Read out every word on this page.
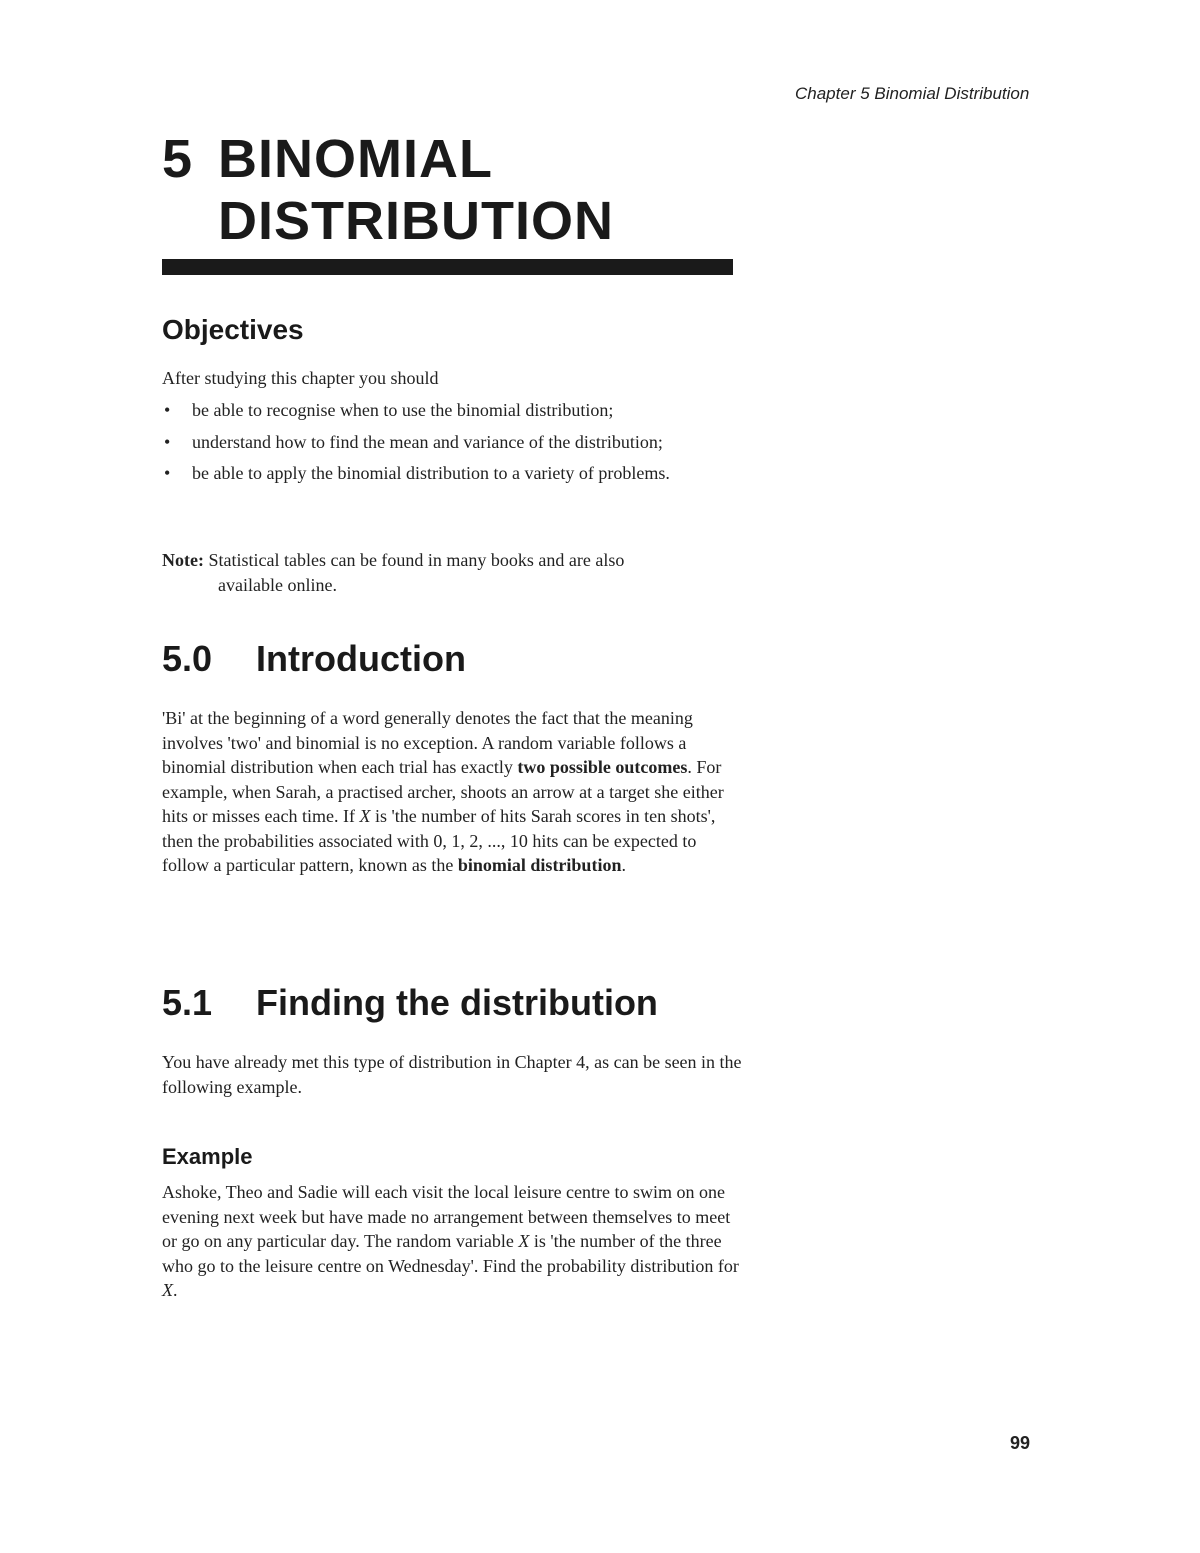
Chapter 5 Binomial Distribution
5 BINOMIAL
DISTRIBUTION
Objectives
After studying this chapter you should
• be able to recognise when to use the binomial distribution;
• understand how to find the mean and variance of the distribution;
• be able to apply the binomial distribution to a variety of problems.
Note: Statistical tables can be found in many books and are also
available online.
5.0 Introduction
'Bi' at the beginning of a word generally denotes the fact that the meaning involves 'two' and binomial is no exception. A random variable follows a binomial distribution when each trial has exactly two possible outcomes. For example, when Sarah, a practised archer, shoots an arrow at a target she either hits or misses each time. If X is 'the number of hits Sarah scores in ten shots', then the probabilities associated with 0, 1, 2, ..., 10 hits can be expected to follow a particular pattern, known as the binomial distribution.
5.1 Finding the distribution
You have already met this type of distribution in Chapter 4, as can be seen in the following example.
Example
Ashoke, Theo and Sadie will each visit the local leisure centre to swim on one evening next week but have made no arrangement between themselves to meet or go on any particular day. The random variable X is 'the number of the three who go to the leisure centre on Wednesday'. Find the probability distribution for X.
99
